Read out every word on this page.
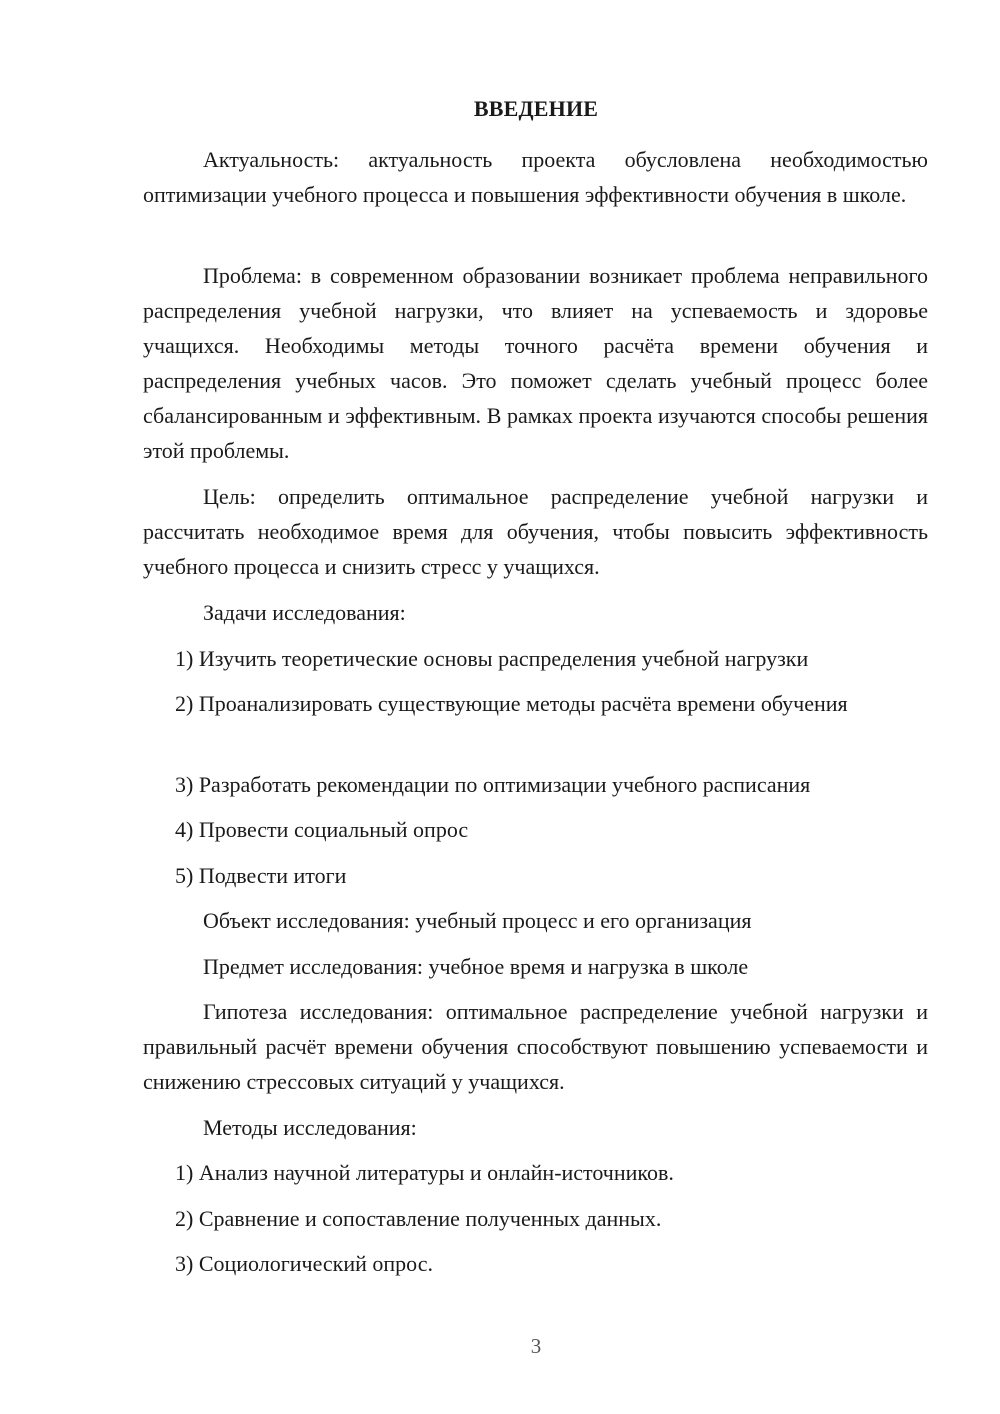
ВВЕДЕНИЕ

Актуальность: актуальность проекта обусловлена необходимостью оптимизации учебного процесса и повышения эффективности обучения в школе.

Проблема: в современном образовании возникает проблема неправильного распределения учебной нагрузки, что влияет на успеваемость и здоровье учащихся. Необходимы методы точного расчёта времени обучения и распределения учебных часов. Это поможет сделать учебный процесс более сбалансированным и эффективным. В рамках проекта изучаются способы решения этой проблемы.

Цель: определить оптимальное распределение учебной нагрузки и рассчитать необходимое время для обучения, чтобы повысить эффективность учебного процесса и снизить стресс у учащихся.

Задачи исследования:

1) Изучить теоретические основы распределения учебной нагрузки

2) Проанализировать существующие методы расчёта времени обучения

3) Разработать рекомендации по оптимизации учебного расписания

4) Провести социальный опрос

5) Подвести итоги

Объект исследования: учебный процесс и его организация

Предмет исследования: учебное время и нагрузка в школе

Гипотеза исследования: оптимальное распределение учебной нагрузки и правильный расчёт времени обучения способствуют повышению успеваемости и снижению стрессовых ситуаций у учащихся.

Методы исследования:

1) Анализ научной литературы и онлайн-источников.

2) Сравнение и сопоставление полученных данных.

3) Социологический опрос.

3
